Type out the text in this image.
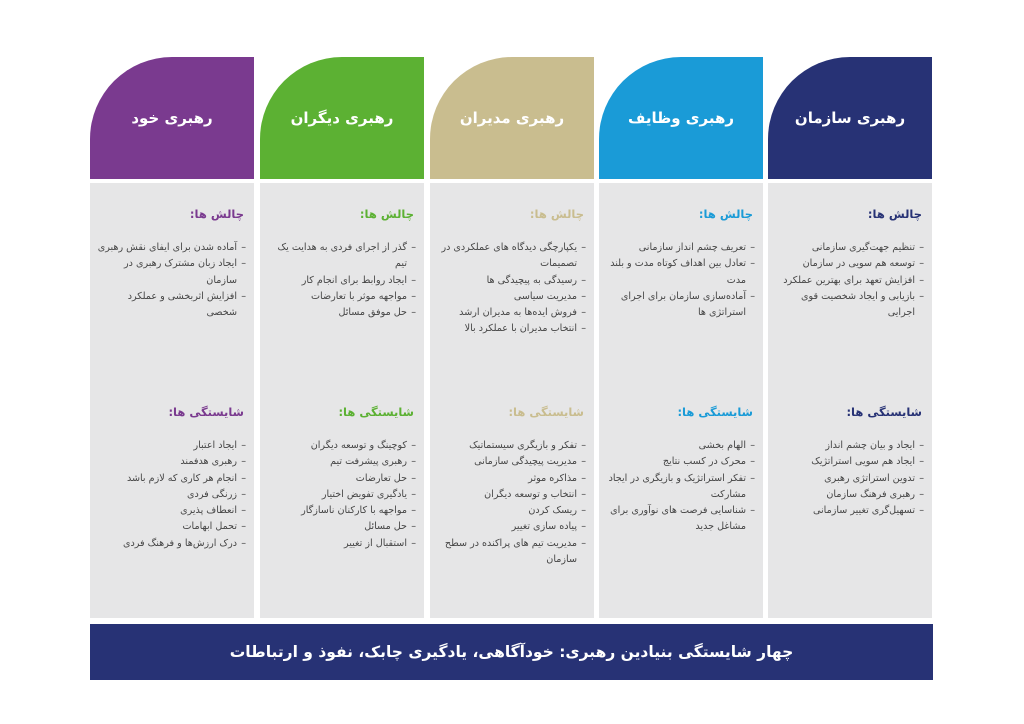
رهبری سازمان
چالش ها:
– تنظیم جهت‌گیری سازمانی
– توسعه هم سویی در سازمان
– افزایش تعهد برای بهترین عملکرد
– بازیابی و ایجاد شخصیت قوی اجرایی
شایستگی ها:
– ایجاد و بیان چشم انداز
– ایجاد هم سویی استراتژیک
– تدوین استراتژی رهبری
– رهبری فرهنگ سازمان
– تسهیل‌گری تغییر سازمانی
رهبری وظایف
چالش ها:
– تعریف چشم انداز سازمانی
– تعادل بین اهداف کوتاه مدت و بلند مدت
– آماده‌سازی سازمان برای اجرای استراتژی ها
شایستگی ها:
– الهام بخشی
– محرک در کسب نتایج
– تفکر استراتژیک و بازیگری در ایجاد مشارکت
– شناسایی فرصت های نوآوری برای مشاغل جدید
رهبری مدیران
چالش ها:
– یکپارچگی دیدگاه های عملکردی در تصمیمات
– رسیدگی به پیچیدگی ها
– مدیریت سیاسی
– فروش ایده‌ها به مدیران ارشد
– انتخاب مدیران با عملکرد بالا
شایستگی ها:
– تفکر و بازیگری سیستماتیک
– مدیریت پیچیدگی سازمانی
– مذاکره موثر
– انتخاب و توسعه دیگران
– ریسک کردن
– پیاده سازی تغییر
– مدیریت تیم های پراکنده در سطح سازمان
رهبری دیگران
چالش ها:
– گذر از اجرای فردی به هدایت یک تیم
– ایجاد روابط برای انجام کار
– مواجهه موثر با تعارضات
– حل موفق مسائل
شایستگی ها:
– کوچینگ و توسعه دیگران
– رهبری پیشرفت تیم
– حل تعارضات
– یادگیری تفویض اختیار
– مواجهه با کارکنان ناسازگار
– حل مسائل
– استقبال از تغییر
رهبری خود
چالش ها:
– آماده شدن برای ایفای نقش رهبری
– ایجاد زبان مشترک رهبری در سازمان
– افزایش اثربخشی و عملکرد شخصی
شایستگی ها:
– ایجاد اعتبار
– رهبری هدفمند
– انجام هر کاری که لازم باشد
– زرنگی فردی
– انعطاف پذیری
– تحمل ابهامات
– درک ارزش‌ها و فرهنگ فردی
چهار شایستگی بنیادین رهبری: خودآگاهی، یادگیری چابک، نفوذ و ارتباطات
